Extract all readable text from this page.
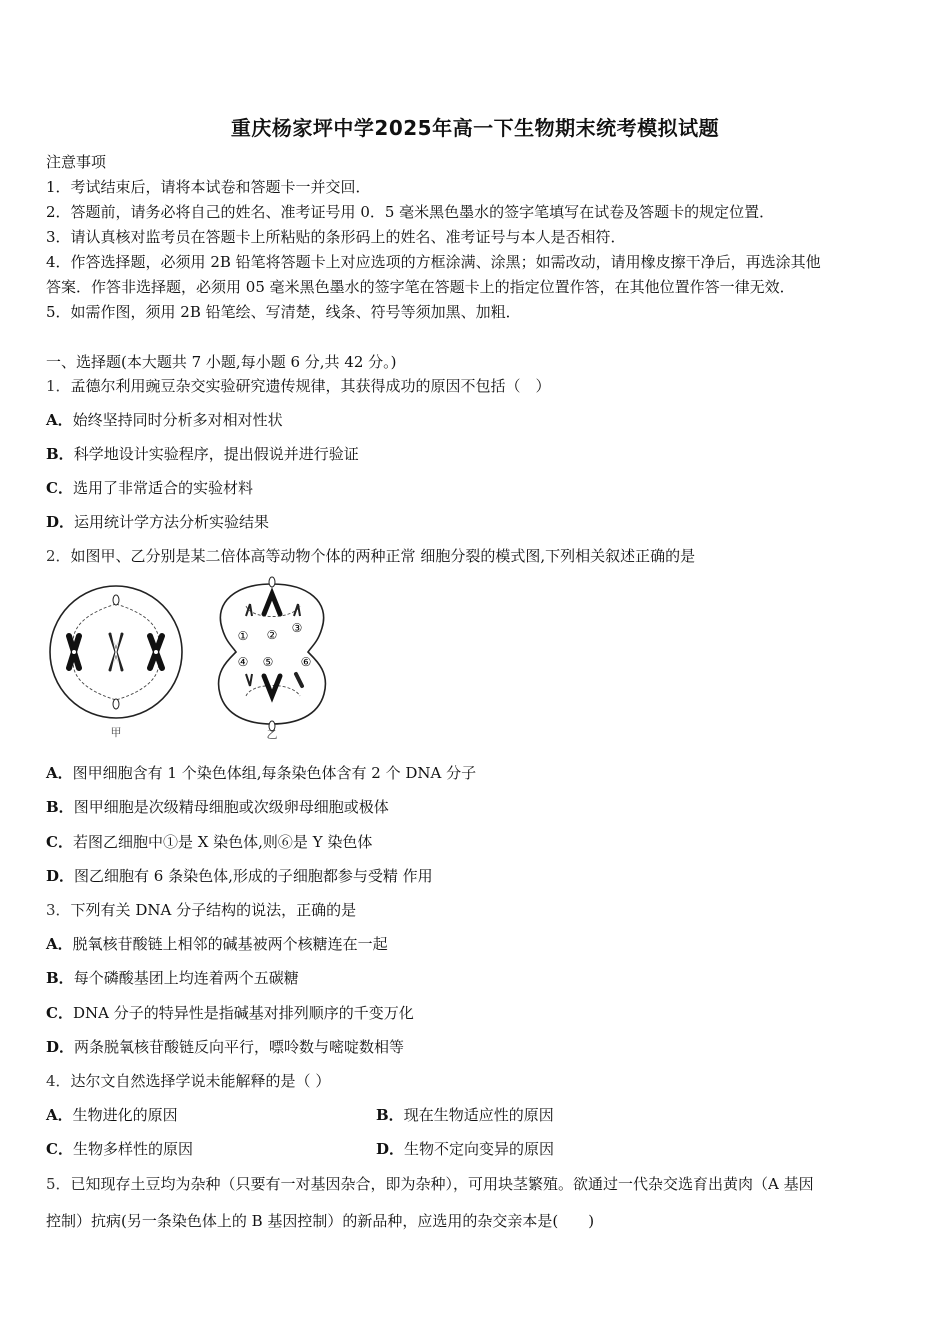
重庆杨家坪中学2025年高一下生物期末统考模拟试题
注意事项
1．考试结束后，请将本试卷和答题卡一并交回．
2．答题前，请务必将自己的姓名、准考证号用 0．5 毫米黑色墨水的签字笔填写在试卷及答题卡的规定位置．
3．请认真核对监考员在答题卡上所粘贴的条形码上的姓名、准考证号与本人是否相符．
4．作答选择题，必须用 2B 铅笔将答题卡上对应选项的方框涂满、涂黑；如需改动，请用橡皮擦干净后，再选涂其他
答案．作答非选择题，必须用 05 毫米黑色墨水的签字笔在答题卡上的指定位置作答，在其他位置作答一律无效．
5．如需作图，须用 2B 铅笔绘、写清楚，线条、符号等须加黑、加粗．
一、选择题(本大题共 7 小题,每小题 6 分,共 42 分。)
1．孟德尔利用豌豆杂交实验研究遗传规律，其获得成功的原因不包括（　）
A．始终坚持同时分析多对相对性状
B．科学地设计实验程序，提出假说并进行验证
C．选用了非常适合的实验材料
D．运用统计学方法分析实验结果
2．如图甲、乙分别是某二倍体高等动物个体的两种正常 细胞分裂的模式图,下列相关叙述正确的是
甲
① ② ③
④ ⑤ ⑥
乙
A．图甲细胞含有 1 个染色体组,每条染色体含有 2 个 DNA 分子
B．图甲细胞是次级精母细胞或次级卵母细胞或极体
C．若图乙细胞中①是 X 染色体,则⑥是 Y 染色体
D．图乙细胞有 6 条染色体,形成的子细胞都参与受精 作用
3．下列有关 DNA 分子结构的说法，正确的是
A．脱氧核苷酸链上相邻的碱基被两个核糖连在一起
B．每个磷酸基团上均连着两个五碳糖
C．DNA 分子的特异性是指碱基对排列顺序的千变万化
D．两条脱氧核苷酸链反向平行，嘌呤数与嘧啶数相等
4．达尔文自然选择学说未能解释的是（ ）
A．生物进化的原因	B．现在生物适应性的原因
C．生物多样性的原因	D．生物不定向变异的原因
5．已知现存土豆均为杂种（只要有一对基因杂合，即为杂种），可用块茎繁殖。欲通过一代杂交选育出黄肉（A 基因
控制）抗病(另一条染色体上的 B 基因控制）的新品种，应选用的杂交亲本是(　　)
